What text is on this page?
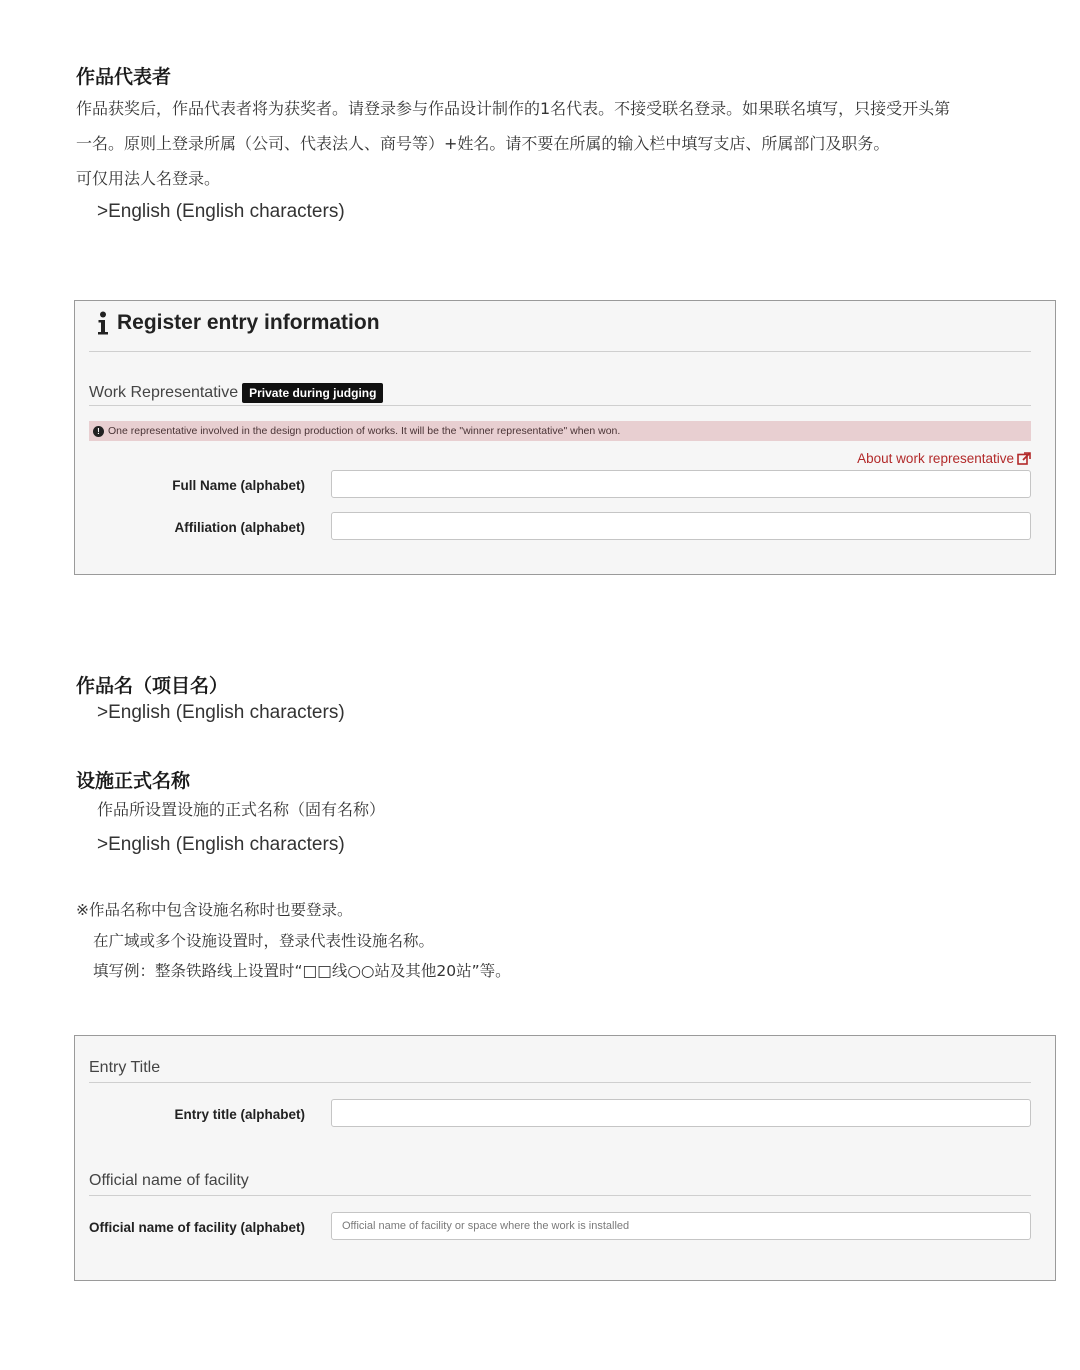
作品代表者
作品获奖后，作品代表者将为获奖者。请登录参与作品设计制作的1名代表。不接受联名登录。如果联名填写，只接受开头第
一名。原则上登录所属（公司、代表法人、商号等）+姓名。请不要在所属的输入栏中填写支店、所属部门及职务。
可仅用法人名登录。
>English (English characters)
Register entry information
Work Representative Private during judging
! One representative involved in the design production of works. It will be the "winner representative" when won.
About work representative
Full Name (alphabet)
Affiliation (alphabet)
作品名（项目名）
>English (English characters)
设施正式名称
作品所设置设施的正式名称（固有名称）
>English (English characters)
※作品名称中包含设施名称时也要登录。
在广域或多个设施设置时，登录代表性设施名称。
填写例：整条铁路线上设置时“□□线○○站及其他20站”等。
Entry Title
Entry title (alphabet)
Official name of facility
Official name of facility (alphabet)
Official name of facility or space where the work is installed
